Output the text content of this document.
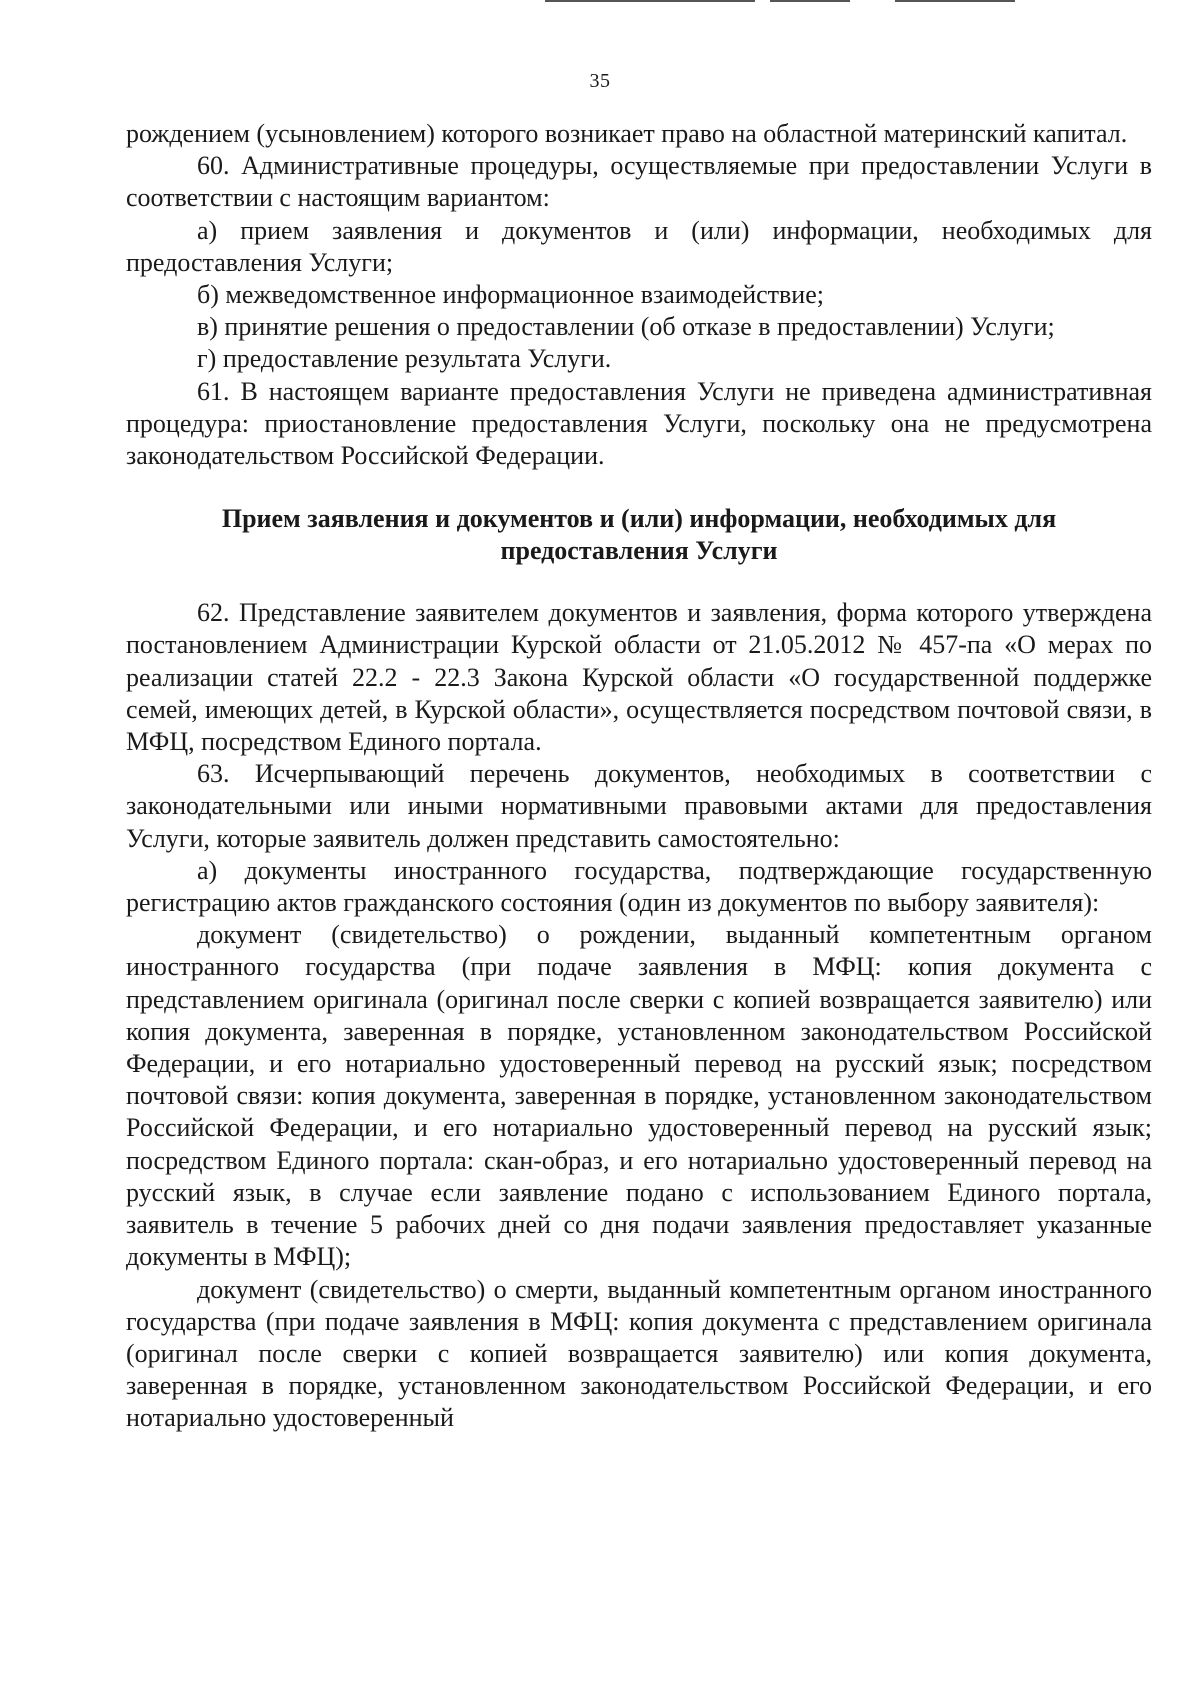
35

рождением (усыновлением) которого возникает право на областной материнский капитал.

60. Административные процедуры, осуществляемые при предоставлении Услуги в соответствии с настоящим вариантом:

а) прием заявления и документов и (или) информации, необходимых для предоставления Услуги;

б) межведомственное информационное взаимодействие;

в) принятие решения о предоставлении (об отказе в предоставлении) Услуги;

г) предоставление результата Услуги.

61. В настоящем варианте предоставления Услуги не приведена административная процедура: приостановление предоставления Услуги, поскольку она не предусмотрена законодательством Российской Федерации.

Прием заявления и документов и (или) информации, необходимых для предоставления Услуги

62. Представление заявителем документов и заявления, форма которого утверждена постановлением Администрации Курской области от 21.05.2012 № 457-па «О мерах по реализации статей 22.2 - 22.3 Закона Курской области «О государственной поддержке семей, имеющих детей, в Курской области», осуществляется посредством почтовой связи, в МФЦ, посредством Единого портала.

63. Исчерпывающий перечень документов, необходимых в соответствии с законодательными или иными нормативными правовыми актами для предоставления Услуги, которые заявитель должен представить самостоятельно:

а) документы иностранного государства, подтверждающие государственную регистрацию актов гражданского состояния (один из документов по выбору заявителя):

документ (свидетельство) о рождении, выданный компетентным органом иностранного государства (при подаче заявления в МФЦ: копия документа с представлением оригинала (оригинал после сверки с копией возвращается заявителю) или копия документа, заверенная в порядке, установленном законодательством Российской Федерации, и его нотариально удостоверенный перевод на русский язык; посредством почтовой связи: копия документа, заверенная в порядке, установленном законодательством Российской Федерации, и его нотариально удостоверенный перевод на русский язык; посредством Единого портала: скан-образ, и его нотариально удостоверенный перевод на русский язык, в случае если заявление подано с использованием Единого портала, заявитель в течение 5 рабочих дней со дня подачи заявления предоставляет указанные документы в МФЦ);

документ (свидетельство) о смерти, выданный компетентным органом иностранного государства (при подаче заявления в МФЦ: копия документа с представлением оригинала (оригинал после сверки с копией возвращается заявителю) или копия документа, заверенная в порядке, установленном законодательством Российской Федерации, и его нотариально удостоверенный
